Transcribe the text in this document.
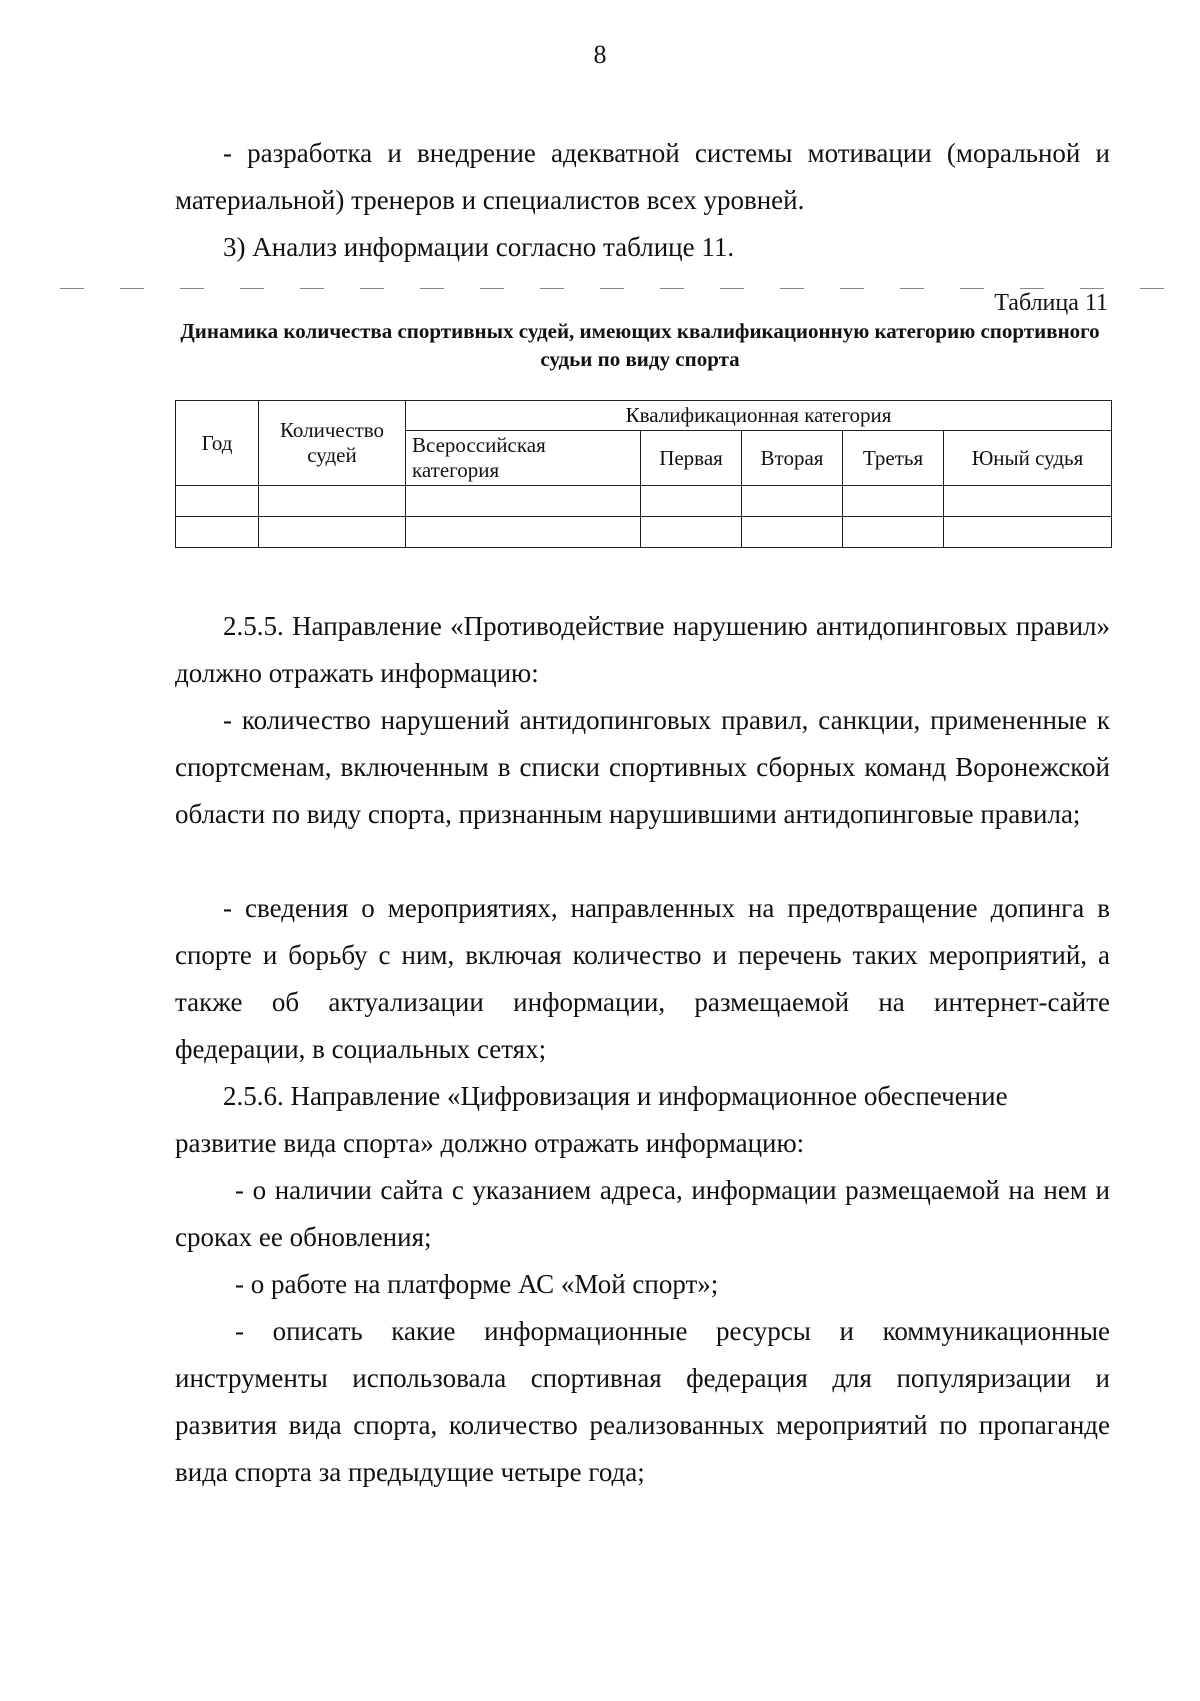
8

- разработка и внедрение адекватной системы мотивации (моральной и материальной) тренеров и специалистов всех уровней.

3) Анализ информации согласно таблице 11.

Таблица 11
Динамика количества спортивных судей, имеющих квалификационную категорию спортивного судьи по виду спорта
Год	Количество судей	Квалификационная категория				
		Всероссийская категория	Первая	Вторая	Третья	Юный судья

2.5.5. Направление «Противодействие нарушению антидопинговых правил» должно отражать информацию:

- количество нарушений антидопинговых правил, санкции, примененные к спортсменам, включенным в списки спортивных сборных команд Воронежской области по виду спорта, признанным нарушившими антидопинговые правила;

- сведения о мероприятиях, направленных на предотвращение допинга в спорте и борьбу с ним, включая количество и перечень таких мероприятий, а также об актуализации информации, размещаемой на интернет-сайте федерации, в социальных сетях;

2.5.6. Направление «Цифровизация и информационное обеспечение развитие вида спорта» должно отражать информацию:

- о наличии сайта с указанием адреса, информации размещаемой на нем и сроках ее обновления;

- о работе на платформе АС «Мой спорт»;

- описать какие информационные ресурсы и коммуникационные инструменты использовала спортивная федерация для популяризации и развития вида спорта, количество реализованных мероприятий по пропаганде вида спорта за предыдущие четыре года;
